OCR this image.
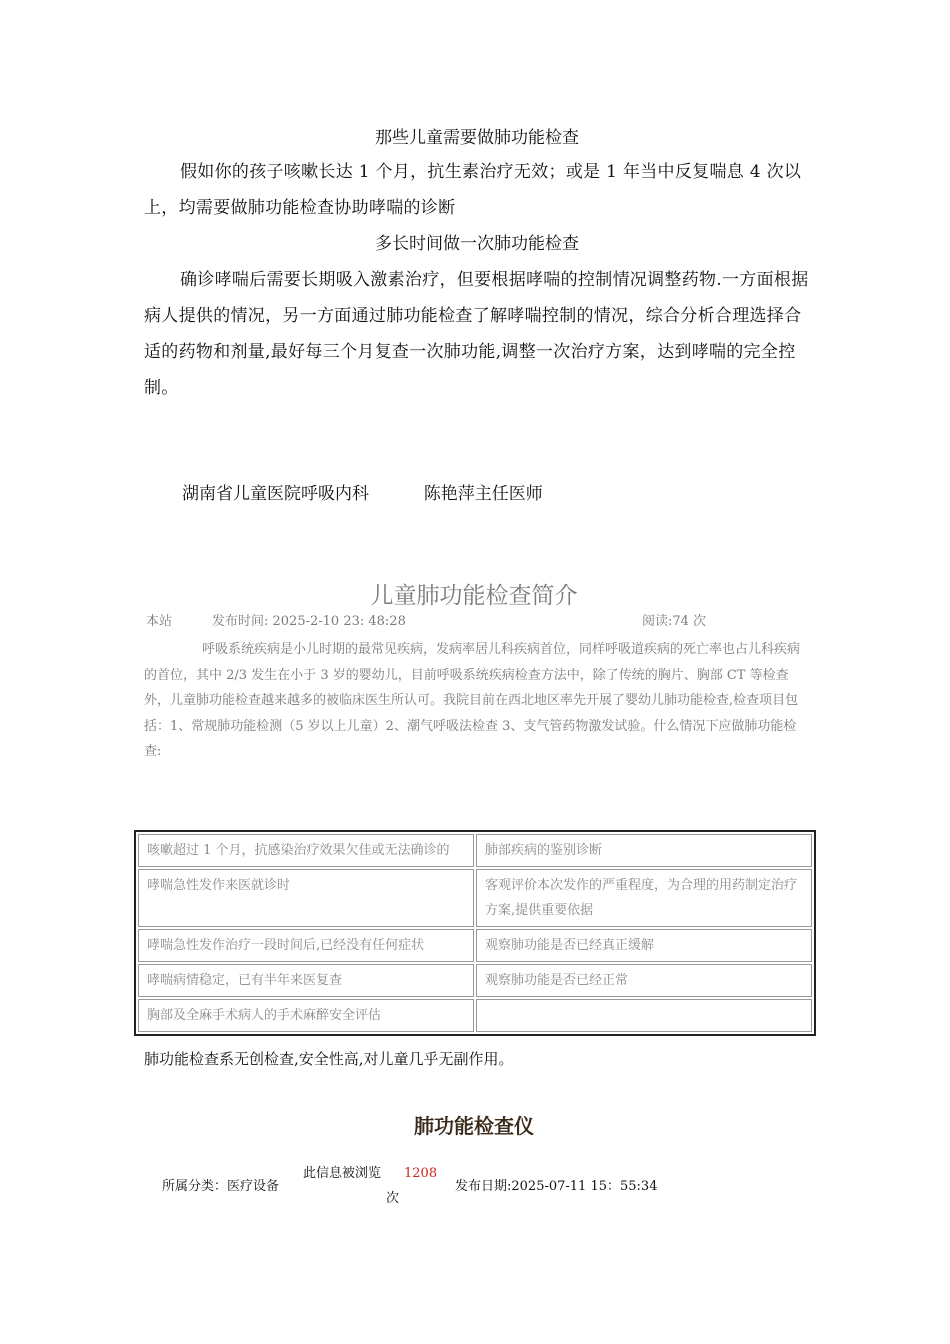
那些儿童需要做肺功能检查
假如你的孩子咳嗽长达 1 个月，抗生素治疗无效；或是 1 年当中反复喘息 4 次以上，均需要做肺功能检查协助哮喘的诊断
多长时间做一次肺功能检查
确诊哮喘后需要长期吸入激素治疗，但要根据哮喘的控制情况调整药物.一方面根据病人提供的情况，另一方面通过肺功能检查了解哮喘控制的情况，综合分析合理选择合适的药物和剂量,最好每三个月复查一次肺功能,调整一次治疗方案，达到哮喘的完全控制。
湖南省儿童医院呼吸内科	陈艳萍主任医师
儿童肺功能检查简介
本站	发布时间: 2025-2-10 23: 48:28	阅读:74 次
呼吸系统疾病是小儿时期的最常见疾病，发病率居儿科疾病首位，同样呼吸道疾病的死亡率也占儿科疾病的首位，其中 2/3 发生在小于 3 岁的婴幼儿，目前呼吸系统疾病检查方法中，除了传统的胸片、胸部 CT 等检查外，儿童肺功能检查越来越多的被临床医生所认可。我院目前在西北地区率先开展了婴幼儿肺功能检查,检查项目包括：1、常规肺功能检测（5 岁以上儿童）2、潮气呼吸法检查 3、支气管药物激发试验。什么情况下应做肺功能检查:
咳嗽超过 1 个月，抗感染治疗效果欠佳或无法确诊的	肺部疾病的鉴别诊断
哮喘急性发作来医就诊时	客观评价本次发作的严重程度，为合理的用药制定治疗方案,提供重要依据
哮喘急性发作治疗一段时间后,已经没有任何症状	观察肺功能是否已经真正缓解
哮喘病情稳定，已有半年来医复查	观察肺功能是否已经正常
胸部及全麻手术病人的手术麻醉安全评估	
肺功能检查系无创检查,安全性高,对儿童几乎无副作用。
肺功能检查仪
所属分类：医疗设备
此信息被浏览 1208
次
发布日期:2025-07-11 15：55:34
